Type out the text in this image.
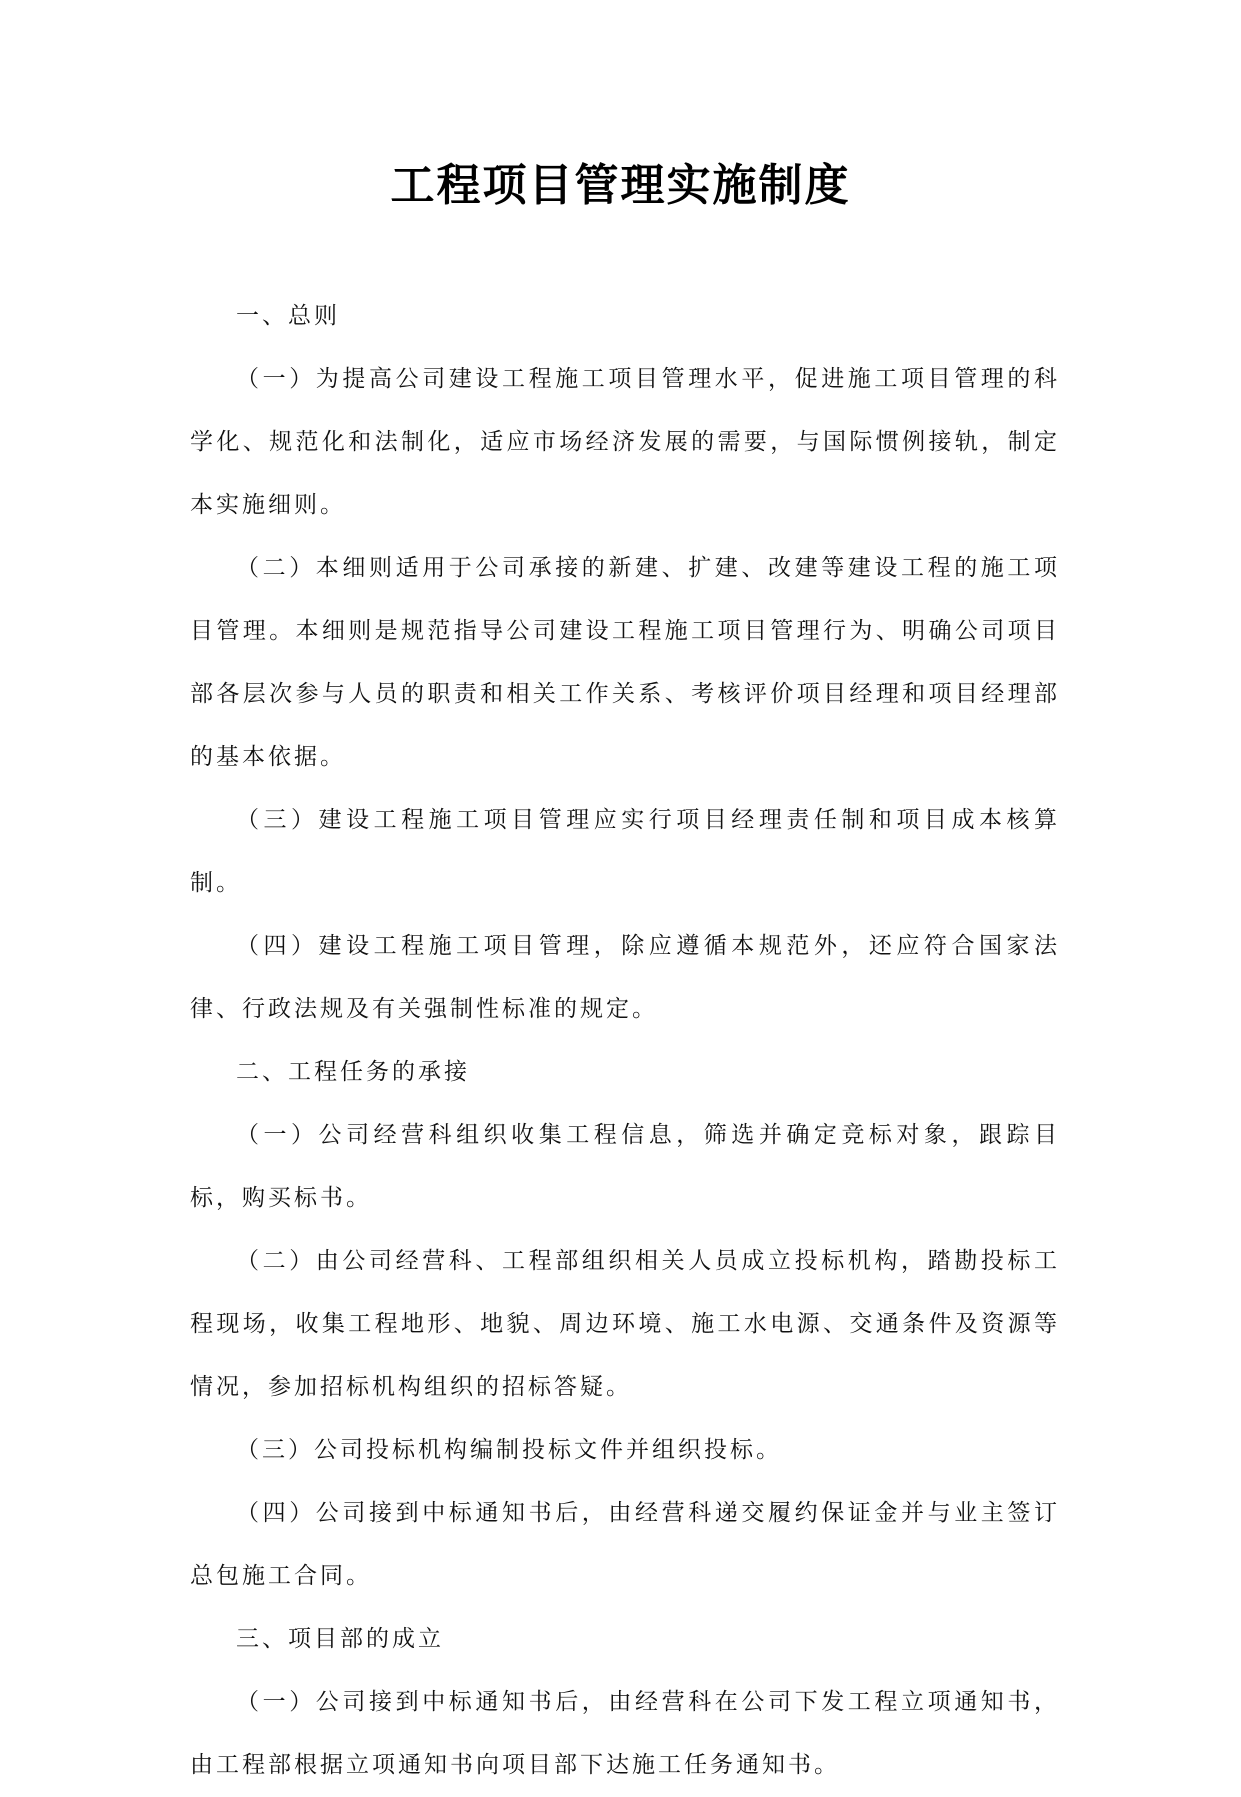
工程项目管理实施制度

一、总则

（一）为提高公司建设工程施工项目管理水平，促进施工项目管理的科学化、规范化和法制化，适应市场经济发展的需要，与国际惯例接轨，制定本实施细则。

（二）本细则适用于公司承接的新建、扩建、改建等建设工程的施工项目管理。本细则是规范指导公司建设工程施工项目管理行为、明确公司项目部各层次参与人员的职责和相关工作关系、考核评价项目经理和项目经理部的基本依据。

（三）建设工程施工项目管理应实行项目经理责任制和项目成本核算制。

（四）建设工程施工项目管理，除应遵循本规范外，还应符合国家法律、行政法规及有关强制性标准的规定。

二、工程任务的承接

（一）公司经营科组织收集工程信息，筛选并确定竞标对象，跟踪目标，购买标书。

（二）由公司经营科、工程部组织相关人员成立投标机构，踏勘投标工程现场，收集工程地形、地貌、周边环境、施工水电源、交通条件及资源等情况，参加招标机构组织的招标答疑。

（三）公司投标机构编制投标文件并组织投标。

（四）公司接到中标通知书后，由经营科递交履约保证金并与业主签订总包施工合同。

三、项目部的成立

（一）公司接到中标通知书后，由经营科在公司下发工程立项通知书，由工程部根据立项通知书向项目部下达施工任务通知书。
